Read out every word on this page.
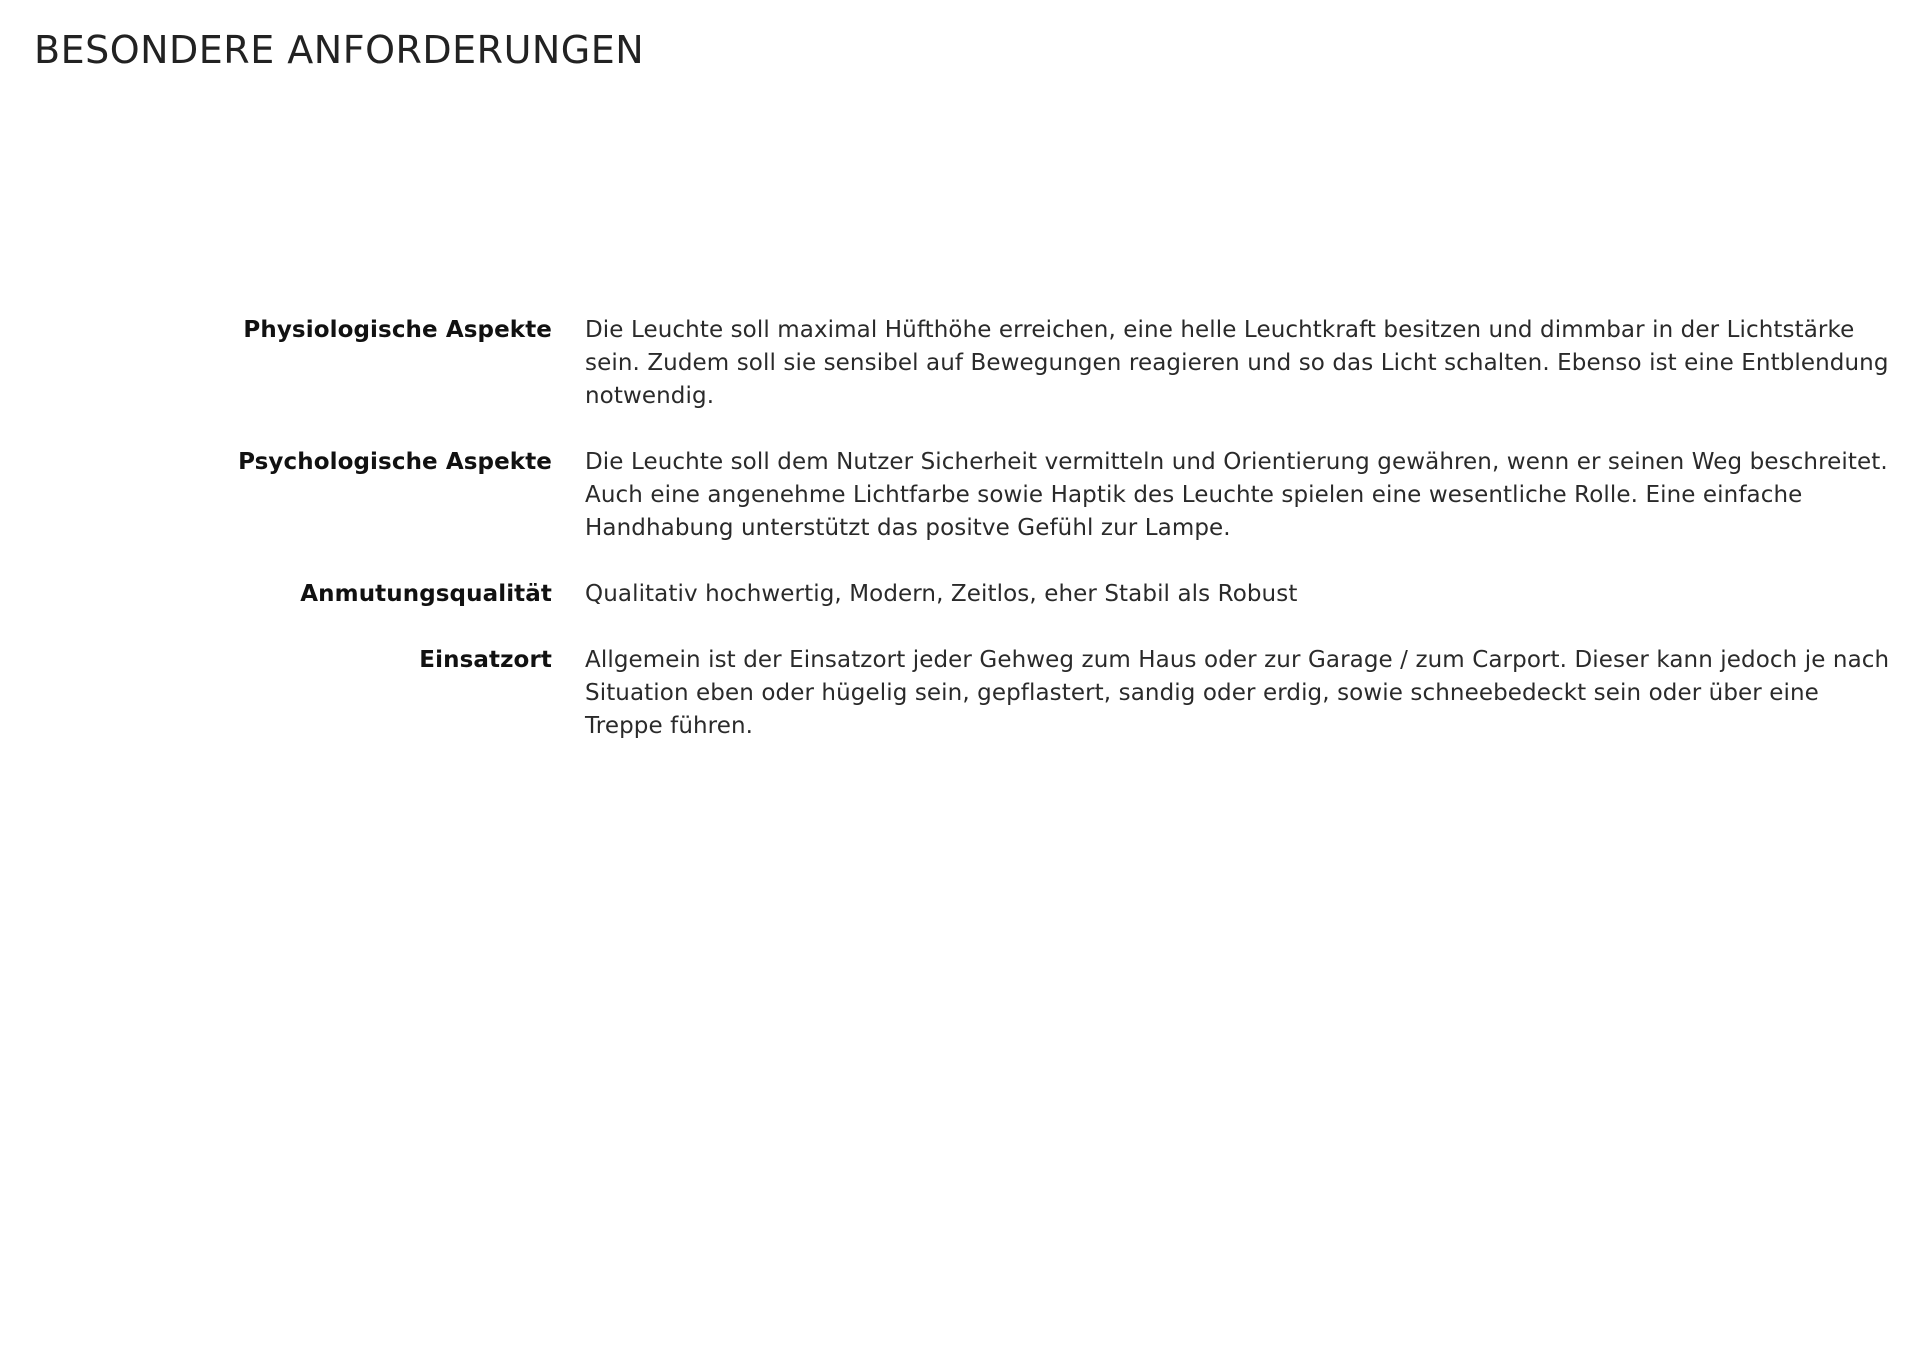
BESONDERE ANFORDERUNGEN
Physiologische Aspekte Die Leuchte soll maximal Hüfthöhe erreichen, eine helle Leuchtkraft besitzen und dimmbar in der Lichtstärke sein. Zudem soll sie sensibel auf Bewegungen reagieren und so das Licht schalten. Ebenso ist eine Entblendung notwendig.
Psychologische Aspekte Die Leuchte soll dem Nutzer Sicherheit vermitteln und Orientierung gewähren, wenn er seinen Weg beschreitet. Auch eine angenehme Lichtfarbe sowie Haptik des Leuchte spielen eine wesentliche Rolle. Eine einfache Handhabung unterstützt das positve Gefühl zur Lampe.
Anmutungsqualität Qualitativ hochwertig, Modern, Zeitlos, eher Stabil als Robust
Einsatzort Allgemein ist der Einsatzort jeder Gehweg zum Haus oder zur Garage / zum Carport. Dieser kann jedoch je nach Situation eben oder hügelig sein, gepflastert, sandig oder erdig, sowie schneebedeckt sein oder über eine Treppe führen.
